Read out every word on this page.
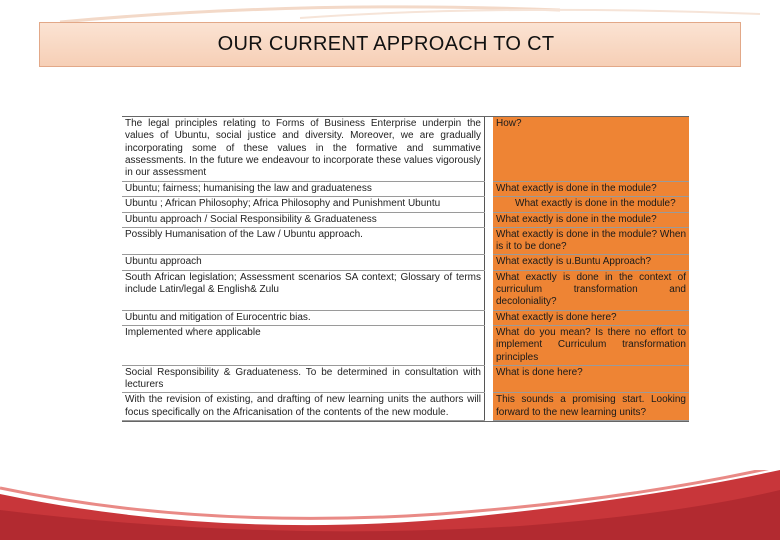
OUR CURRENT APPROACH TO CT
The legal principles relating to Forms of Business Enterprise underpin the values of Ubuntu, social justice and diversity. Moreover, we are gradually incorporating some of these values in the formative and summative assessments. In the future we endeavour to incorporate these values vigorously in our assessment		How?
Ubuntu; fairness; humanising the law and graduateness		What exactly is done in the module?
Ubuntu ; African Philosophy; Africa Philosophy and Punishment Ubuntu		What exactly is done in the module?
Ubuntu approach / Social Responsibility & Graduateness		What exactly is done in the module?
Possibly Humanisation of the Law / Ubuntu approach.		What exactly is done in the module? When is it to be done?
Ubuntu approach		What exactly is u.Buntu Approach?
South African legislation; Assessment scenarios SA context; Glossary of terms include Latin/legal & English& Zulu		What exactly is done in the context of curriculum transformation and decoloniality?
Ubuntu and mitigation of Eurocentric bias.		What exactly is done here?
Implemented where applicable		What do you mean? Is there no effort to implement Curriculum transformation principles
Social Responsibility & Graduateness. To be determined in consultation with lecturers		What is done here?
With the revision of existing, and drafting of new learning units the authors will focus specifically on the Africanisation of the contents of the new module.		This sounds a promising start. Looking forward to the new learning units?
